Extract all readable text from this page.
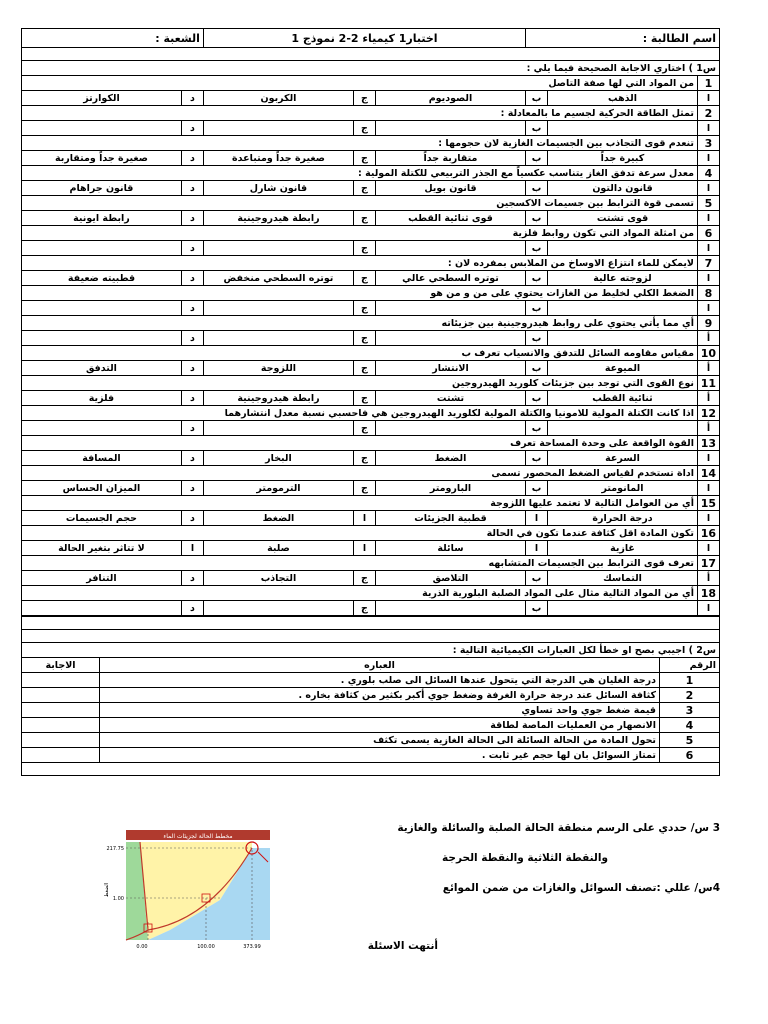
اسم الطالبة :			اختبار1 كيمياء 2-2 نموذج 1			الشعبة :	

س1 ) اختاري الاجابة الصحيحة فيما يلي :							
1	من المواد التي لها صفة التاصل						
ا	الذهب	ب	الصوديوم	ج	الكربون	د	الكوارتز
2	تمثل الطاقة الحركية لجسيم ما بالمعادلة :						
ا		ب		ج		د	
3	تنعدم قوى التجاذب بين الجسيمات الغازية لان حجومها :						
ا	كبيرة جداً	ب	متقاربة جداً	ج	صغيرة جداً ومتباعدة	د	صغيرة جداً ومتقاربة
4	معدل سرعة تدفق الغاز يتناسب عكسياً مع الجذر التربيعي للكتلة المولية :						
ا	قانون دالتون	ب	قانون بويل	ج	قانون شارل	د	قانون جراهام
5	تسمى قوة الترابط بين جسيمات الاكسجين						
ا	قوى تشتت	ب	قوى ثنائية القطب	ج	رابطة هيدروجينية	د	رابطة ايونية
6	من امثلة المواد التي تكون روابط فلزية						
ا		ب		ج		د	
7	لايمكن للماء انتزاع الاوساخ من الملابس بمفرده لان :						
ا	لزوجته عالية	ب	توتره السطحي عالي	ج	توتره السطحي منخفض	د	قطبيته ضعيفة
8	الضغط الكلي لخليط من الغازات يحتوي على من و من هو						
ا		ب		ج		د	
9	أي مما يأتي يحتوي على روابط هيدروجينية بين جزيئاته						
أ		ب		ج		د	
10	مقياس مقاومه السائل للتدفق والانسياب تعرف ب						
أ	الميوعة	ب	الانتشار	ج	اللزوجة	د	التدفق
11	نوع القوى التي توجد بين جزيئات كلوريد الهيدروجين						
أ	ثنائية القطب	ب	تشتت	ج	رابطة هيدروجينية	د	فلزية
12	اذا كانت الكتلة المولية للامونيا والكتلة المولية لكلوريد الهيدروجين هي فاحسبي نسبة معدل انتشارهما						
أ		ب		ج		د	
13	القوة الواقعة على وحدة المساحة تعرف						
ا	السرعة	ب	الضغط	ج	البخار	د	المسافة
14	اداة تستخدم لقياس الضغط المحصور تسمى						
ا	المانومتر	ب	البارومتر	ج	الترمومتر	د	الميزان الحساس
15	أي من العوامل التالية لا تعتمد عليها اللزوجة						
ا	درجة الحرارة	ا	قطبية الجزيئات	ا	الضغط	د	حجم الجسيمات
16	تكون المادة اقل كثافة عندما تكون في الحالة						
ا	غازية	ا	سائلة	ا	صلبة	ا	لا تتاثر بتغير الحالة
17	تعرف قوى الترابط بين الجسيمات المتشابهه						
أ	التماسك	ب	التلاصق	ج	التجاذب	د	التنافر
18	أي من المواد التالية مثال على المواد الصلبة البلورية الذرية						
ا		ب		ج		د	

س2 ) اجيبي بصح او خطأ لكل العبارات الكيميائية التالية :		
الرقم	العباره	الاجابة
1	درجة الغليان هي الدرجة التي يتحول عندها السائل الى صلب بلوري .	
2	كثافة السائل عند درجة حرارة الغرفة وضغط جوي أكبر بكثير من كثافة بخاره .	
3	قيمة ضغط جوي واحد تساوي	
4	الانصهار من العمليات الماصة لطاقة	
5	تحول المادة من الحالة السائلة الى الحالة الغازية يسمى تكثف	
6	تمتاز السوائل بان لها حجم غير ثابت .	

3 س/ حددي على الرسم منطقة الحالة الصلبة والسائلة والغازية
والنقطة الثلاثية والنقطة الحرجة
4س/ عللي :تصنف السوائل والغازات من ضمن الموائع
أنتهت الاسئلة
مخطط الحالة لجزيئات الماء
217.75
1.00
0.00	100.00	373.99
الضغط
